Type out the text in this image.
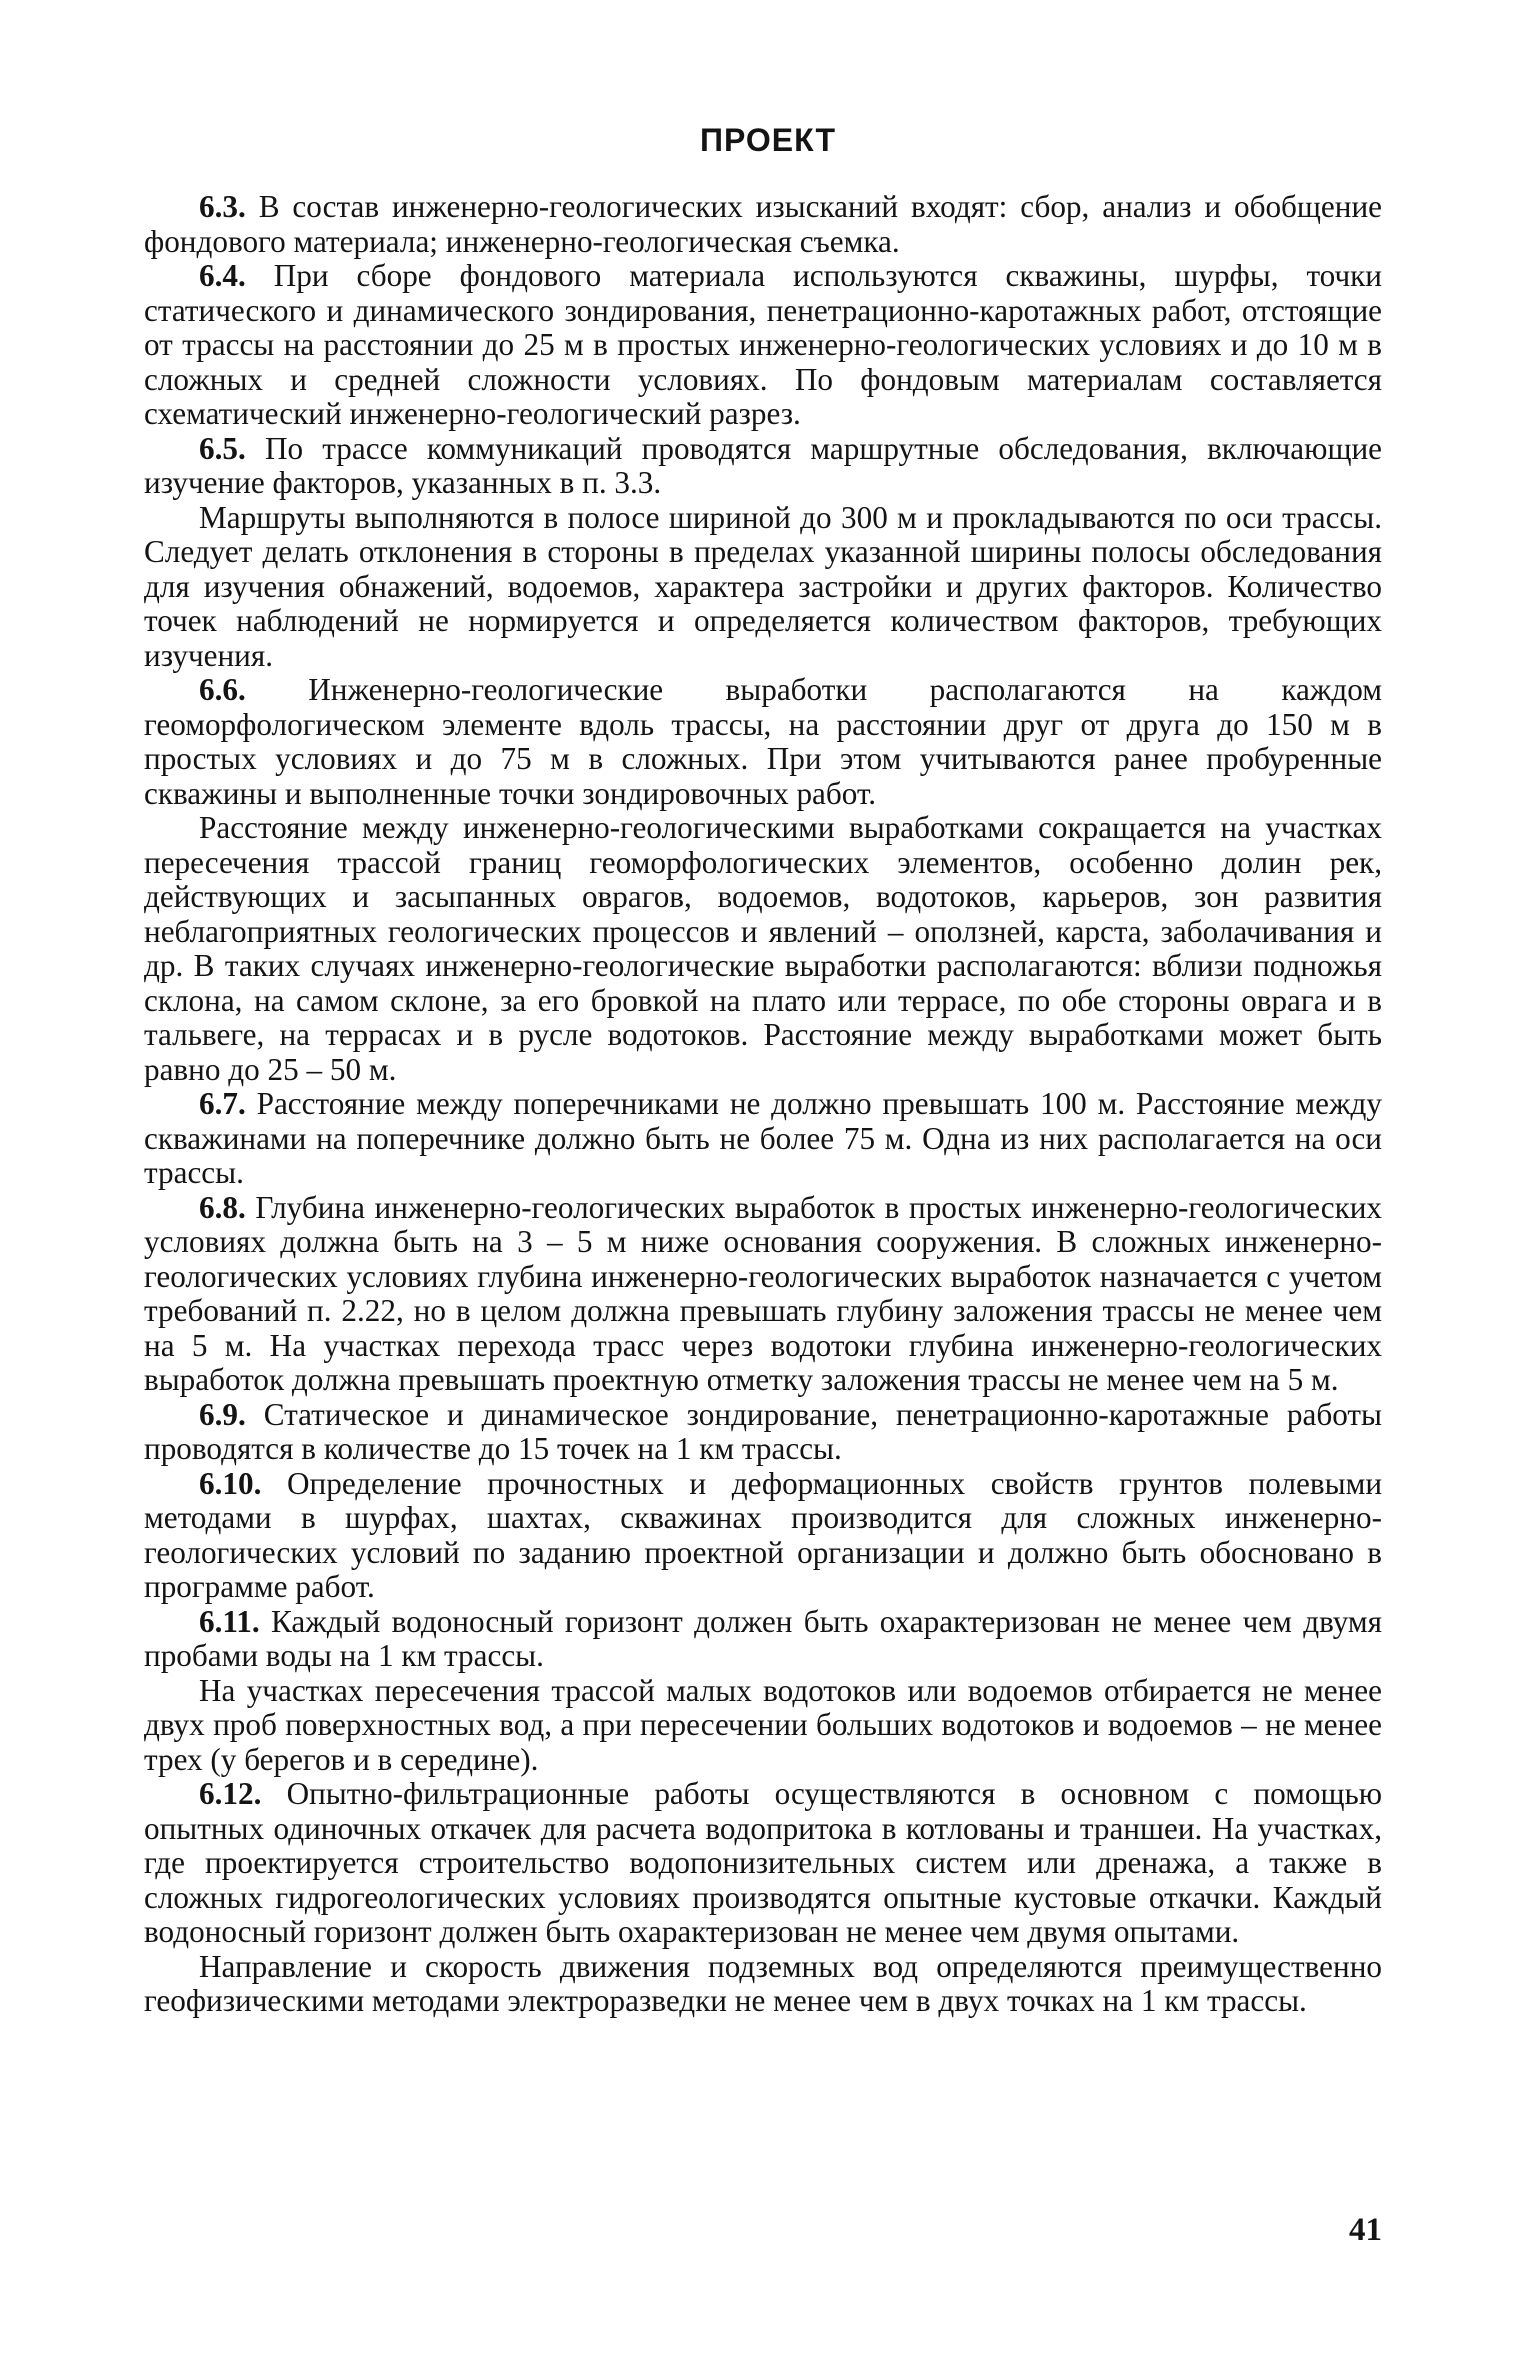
ПРОЕКТ

6.3. В состав инженерно-геологических изысканий входят: сбор, анализ и обобщение фондового материала; инженерно-геологическая съемка.

6.4. При сборе фондового материала используются скважины, шурфы, точки статического и динамического зондирования, пенетрационно-каротажных работ, отстоящие от трассы на расстоянии до 25 м в простых инженерно-геологических условиях и до 10 м в сложных и средней сложности условиях. По фондовым материалам составляется схематический инженерно-геологический разрез.

6.5. По трассе коммуникаций проводятся маршрутные обследования, включающие изучение факторов, указанных в п. 3.3.

Маршруты выполняются в полосе шириной до 300 м и прокладываются по оси трассы. Следует делать отклонения в стороны в пределах указанной ширины полосы обследования для изучения обнажений, водоемов, характера застройки и других факторов. Количество точек наблюдений не нормируется и определяется количеством факторов, требующих изучения.

6.6. Инженерно-геологические выработки располагаются на каждом геоморфологическом элементе вдоль трассы, на расстоянии друг от друга до 150 м в простых условиях и до 75 м в сложных. При этом учитываются ранее пробуренные скважины и выполненные точки зондировочных работ.

Расстояние между инженерно-геологическими выработками сокращается на участках пересечения трассой границ геоморфологических элементов, особенно долин рек, действующих и засыпанных оврагов, водоемов, водотоков, карьеров, зон развития неблагоприятных геологических процессов и явлений – оползней, карста, заболачивания и др. В таких случаях инженерно-геологические выработки располагаются: вблизи подножья склона, на самом склоне, за его бровкой на плато или террасе, по обе стороны оврага и в тальвеге, на террасах и в русле водотоков. Расстояние между выработками может быть равно до 25 – 50 м.

6.7. Расстояние между поперечниками не должно превышать 100 м. Расстояние между скважинами на поперечнике должно быть не более 75 м. Одна из них располагается на оси трассы.

6.8. Глубина инженерно-геологических выработок в простых инженерно-геологических условиях должна быть на 3 – 5 м ниже основания сооружения. В сложных инженерно-геологических условиях глубина инженерно-геологических выработок назначается с учетом требований п. 2.22, но в целом должна превышать глубину заложения трассы не менее чем на 5 м. На участках перехода трасс через водотоки глубина инженерно-геологических выработок должна превышать проектную отметку заложения трассы не менее чем на 5 м.

6.9. Статическое и динамическое зондирование, пенетрационно-каротажные работы проводятся в количестве до 15 точек на 1 км трассы.

6.10. Определение прочностных и деформационных свойств грунтов полевыми методами в шурфах, шахтах, скважинах производится для сложных инженерно-геологических условий по заданию проектной организации и должно быть обосновано в программе работ.

6.11. Каждый водоносный горизонт должен быть охарактеризован не менее чем двумя пробами воды на 1 км трассы.

На участках пересечения трассой малых водотоков или водоемов отбирается не менее двух проб поверхностных вод, а при пересечении больших водотоков и водоемов – не менее трех (у берегов и в середине).

6.12. Опытно-фильтрационные работы осуществляются в основном с помощью опытных одиночных откачек для расчета водопритока в котлованы и траншеи. На участках, где проектируется строительство водопонизительных систем или дренажа, а также в сложных гидрогеологических условиях производятся опытные кустовые откачки. Каждый водоносный горизонт должен быть охарактеризован не менее чем двумя опытами.

Направление и скорость движения подземных вод определяются преимущественно геофизическими методами электроразведки не менее чем в двух точках на 1 км трассы.

41
